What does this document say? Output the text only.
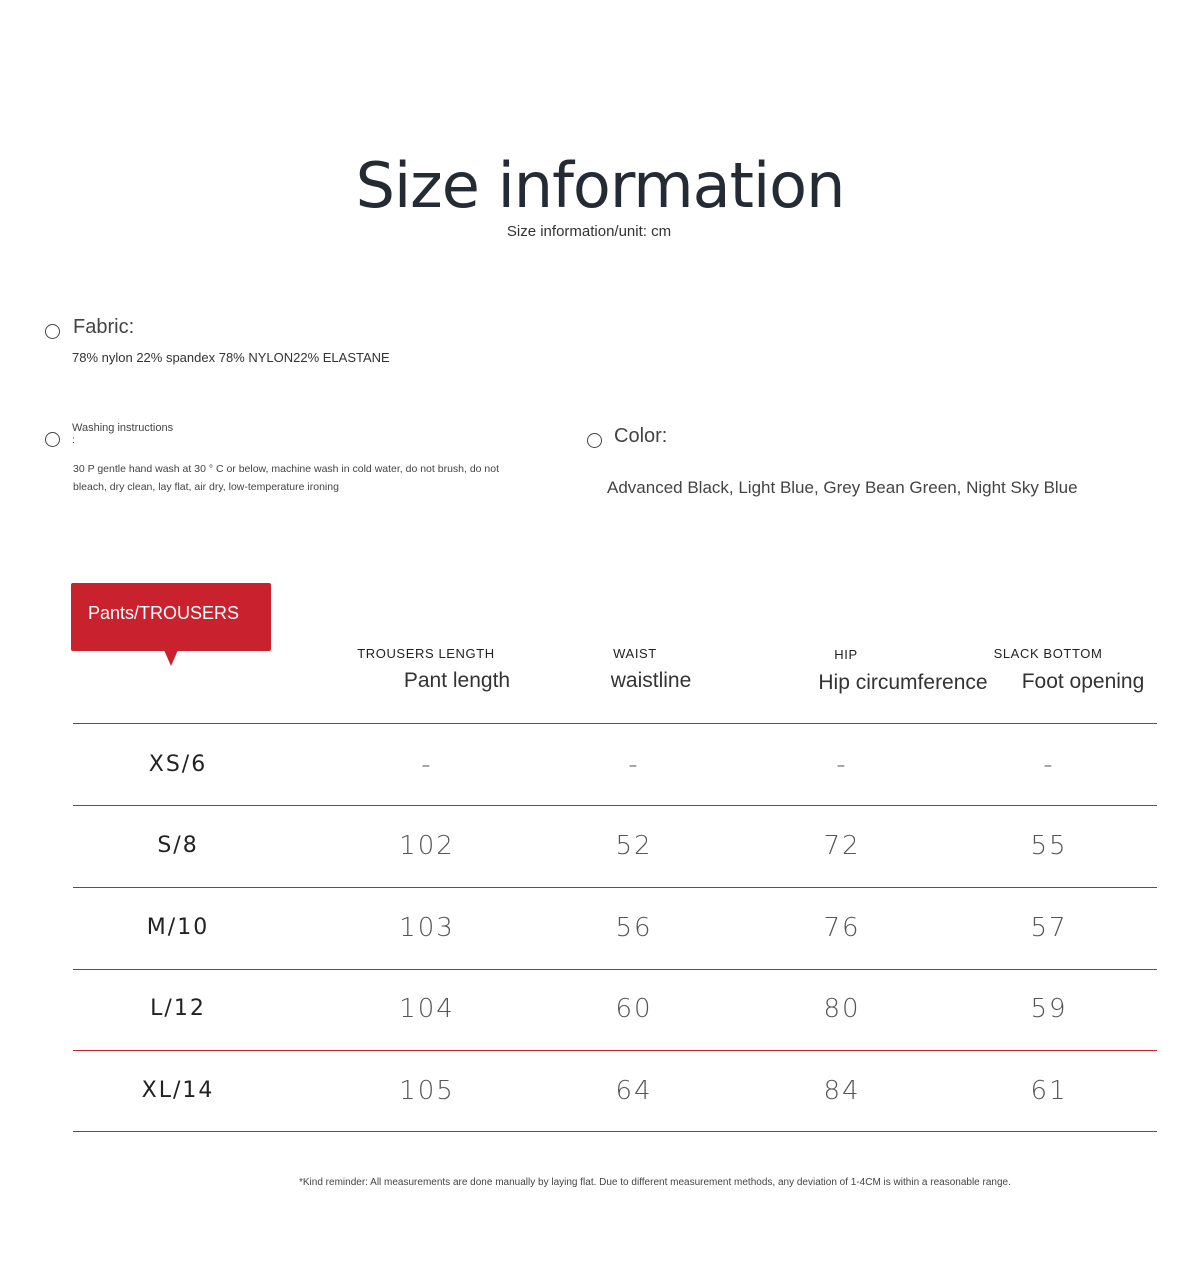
Size information
Size information/unit: cm
Fabric:
78% nylon 22% spandex 78% NYLON22% ELASTANE
Washing instructions
:
30 P gentle hand wash at 30 ° C or below, machine wash in cold water, do not brush, do not bleach, dry clean, lay flat, air dry, low-temperature ironing
Color:
Advanced Black, Light Blue, Grey Bean Green, Night Sky Blue
Pants/TROUSERS
TROUSERS LENGTH
Pant length
WAIST
waistline
HIP
Hip circumference
SLACK BOTTOM
Foot opening
XS/6	-	-	-	-
S/8	102	52	72	55
M/10	103	56	76	57
L/12	104	60	80	59
XL/14	105	64	84	61
*Kind reminder: All measurements are done manually by laying flat. Due to different measurement methods, any deviation of 1-4CM is within a reasonable range.
